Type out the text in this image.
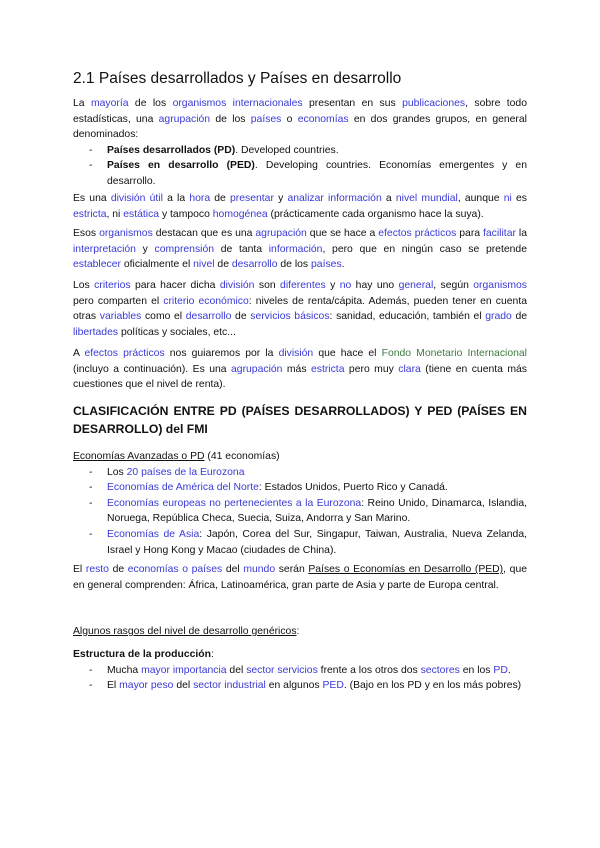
2.1 Países desarrollados y Países en desarrollo

La mayoría de los organismos internacionales presentan en sus publicaciones, sobre todo estadísticas, una agrupación de los países o economías en dos grandes grupos, en general denominados:

- Países desarrollados (PD). Developed countries.
- Países en desarrollo (PED). Developing countries. Economías emergentes y en desarrollo.

Es una división útil a la hora de presentar y analizar información a nivel mundial, aunque ni es estricta, ni estática y tampoco homogénea (prácticamente cada organismo hace la suya).

Esos organismos destacan que es una agrupación que se hace a efectos prácticos para facilitar la interpretación y comprensión de tanta información, pero que en ningún caso se pretende establecer oficialmente el nivel de desarrollo de los países.

Los criterios para hacer dicha división son diferentes y no hay uno general, según organismos pero comparten el criterio económico: niveles de renta/cápita. Además, pueden tener en cuenta otras variables como el desarrollo de servicios básicos: sanidad, educación, también el grado de libertades políticas y sociales, etc...

A efectos prácticos nos guiaremos por la división que hace el Fondo Monetario Internacional (incluyo a continuación). Es una agrupación más estricta pero muy clara (tiene en cuenta más cuestiones que el nivel de renta).

CLASIFICACIÓN ENTRE PD (PAÍSES DESARROLLADOS) Y PED (PAÍSES EN DESARROLLO) del FMI

Economías Avanzadas o PD (41 economías)

- Los 20 países de la Eurozona
- Economías de América del Norte: Estados Unidos, Puerto Rico y Canadá.
- Economías europeas no pertenecientes a la Eurozona: Reino Unido, Dinamarca, Islandia, Noruega, República Checa, Suecia, Suiza, Andorra y San Marino.
- Economías de Asia: Japón, Corea del Sur, Singapur, Taiwan, Australia, Nueva Zelanda, Israel y Hong Kong y Macao (ciudades de China).

El resto de economías o países del mundo serán Países o Economías en Desarrollo (PED), que en general comprenden: África, Latinoamérica, gran parte de Asia y parte de Europa central.

Algunos rasgos del nivel de desarrollo genéricos:

Estructura de la producción:

- Mucha mayor importancia del sector servicios frente a los otros dos sectores en los PD.
- El mayor peso del sector industrial en algunos PED. (Bajo en los PD y en los más pobres)
